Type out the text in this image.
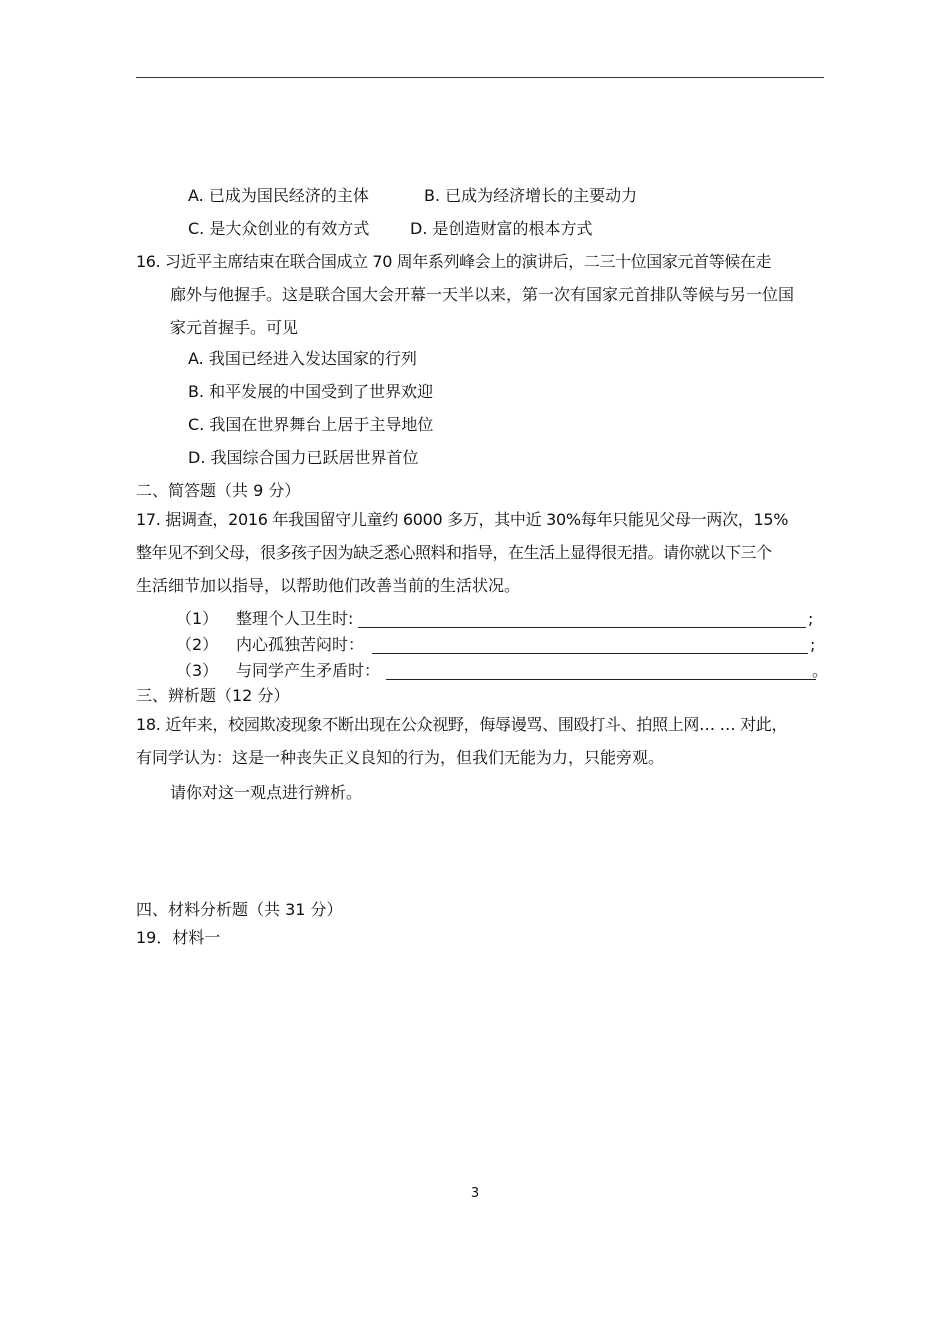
A. 已成为国民经济的主体	B. 已成为经济增长的主要动力
C. 是大众创业的有效方式	D. 是创造财富的根本方式
16. 习近平主席结束在联合国成立 70 周年系列峰会上的演讲后，二三十位国家元首等候在走
廊外与他握手。这是联合国大会开幕一天半以来，第一次有国家元首排队等候与另一位国
家元首握手。可见
A. 我国已经进入发达国家的行列
B. 和平发展的中国受到了世界欢迎
C. 我国在世界舞台上居于主导地位
D. 我国综合国力已跃居世界首位
二、简答题（共 9 分）
17. 据调查，2016 年我国留守儿童约 6000 多万，其中近 30%每年只能见父母一两次，15%
整年见不到父母，很多孩子因为缺乏悉心照料和指导，在生活上显得很无措。请你就以下三个
生活细节加以指导，以帮助他们改善当前的生活状况。
（1） 整理个人卫生时:	;
（2） 内心孤独苦闷时：	;
（3） 与同学产生矛盾时：	。
三、辨析题（12 分）
18. 近年来，校园欺凌现象不断出现在公众视野，侮辱谩骂、围殴打斗、拍照上网… … 对此，
有同学认为：这是一种丧失正义良知的行为，但我们无能为力，只能旁观。
请你对这一观点进行辨析。
四、材料分析题（共 31 分）
19．材料一
3
